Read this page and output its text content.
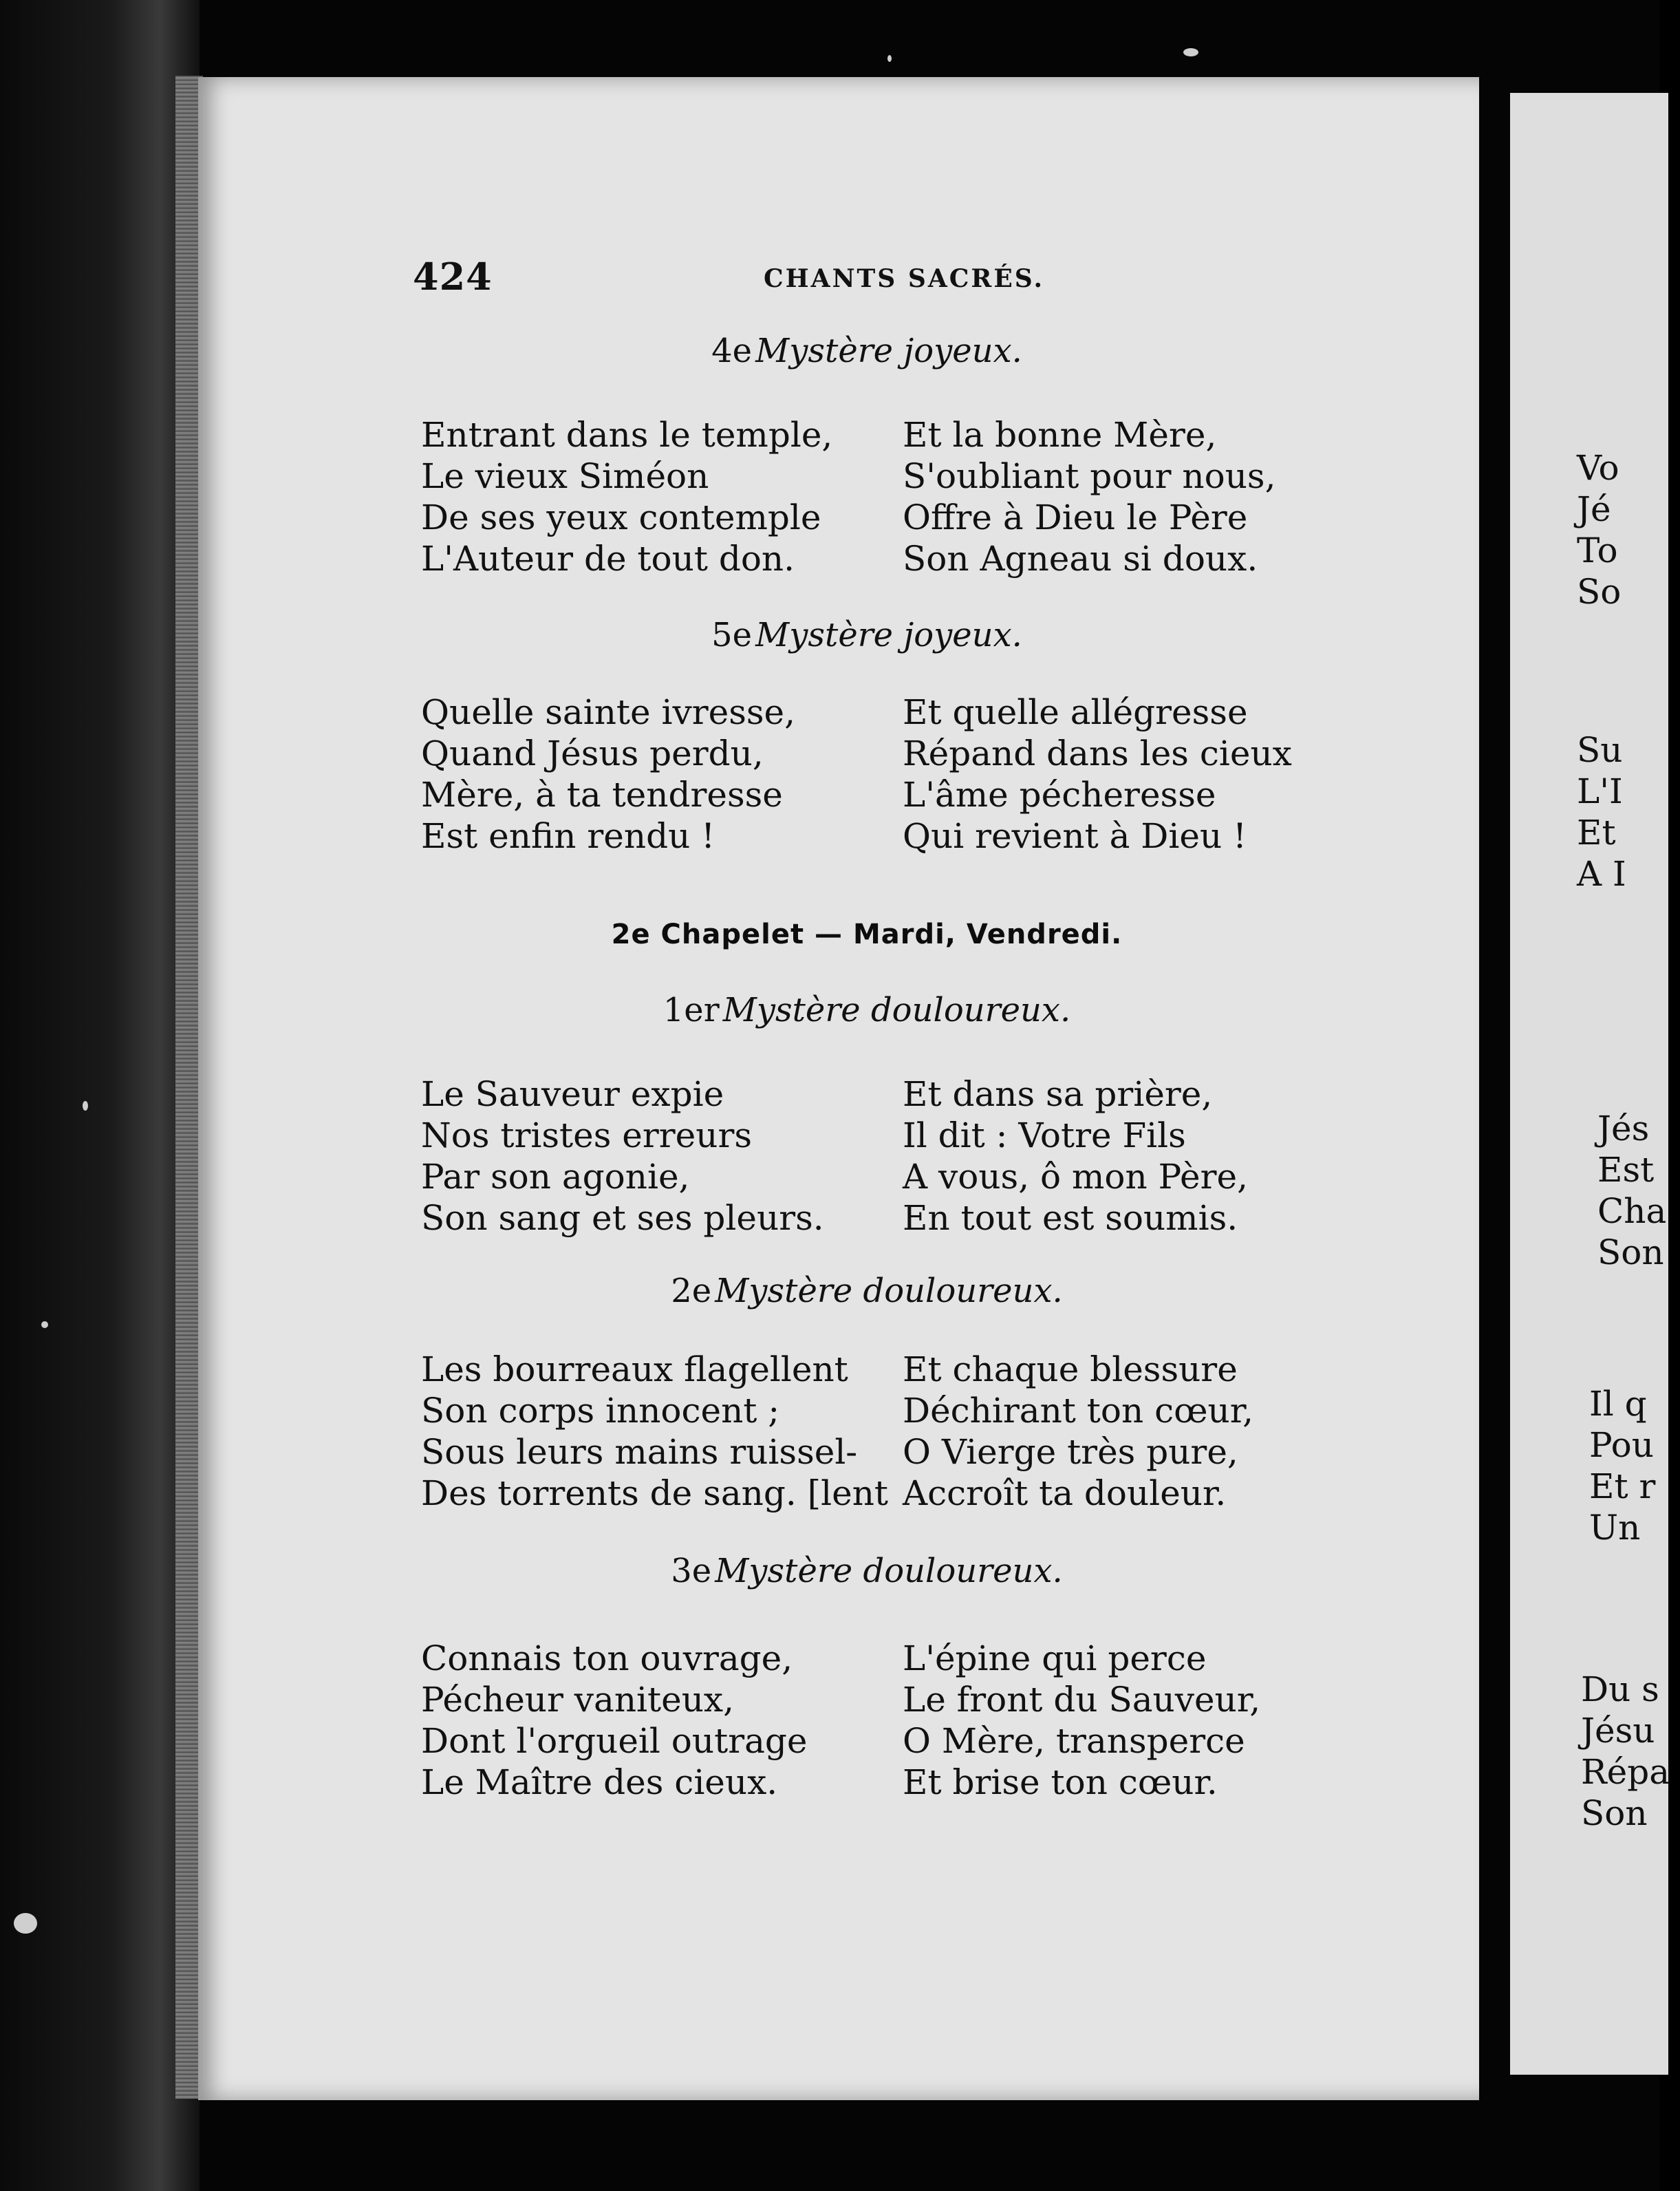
424	CHANTS SACRÉS.
4e Mystère joyeux.
Entrant dans le temple,
Le vieux Siméon
De ses yeux contemple
L'Auteur de tout don.
Et la bonne Mère,
S'oubliant pour nous,
Offre à Dieu le Père
Son Agneau si doux.
5e Mystère joyeux.
Quelle sainte ivresse,
Quand Jésus perdu,
Mère, à ta tendresse
Est enfin rendu !
Et quelle allégresse
Répand dans les cieux
L'âme pécheresse
Qui revient à Dieu !
2e Chapelet — Mardi, Vendredi.
1er Mystère douloureux.
Le Sauveur expie
Nos tristes erreurs
Par son agonie,
Son sang et ses pleurs.
Et dans sa prière,
Il dit : Votre Fils
A vous, ô mon Père,
En tout est soumis.
2e Mystère douloureux.
Les bourreaux flagellent
Son corps innocent ;
Sous leurs mains ruissel-
Des torrents de sang. [lent
Et chaque blessure
Déchirant ton cœur,
O Vierge très pure,
Accroît ta douleur.
3e Mystère douloureux.
Connais ton ouvrage,
Pécheur vaniteux,
Dont l'orgueil outrage
Le Maître des cieux.
L'épine qui perce
Le front du Sauveur,
O Mère, transperce
Et brise ton cœur.
Vo
Jé
To
So
Su
L'I
Et
A I
Jés
Est
Cha
Son
Il q
Pou
Et r
Un
Du s
Jésu
Répa
Son
